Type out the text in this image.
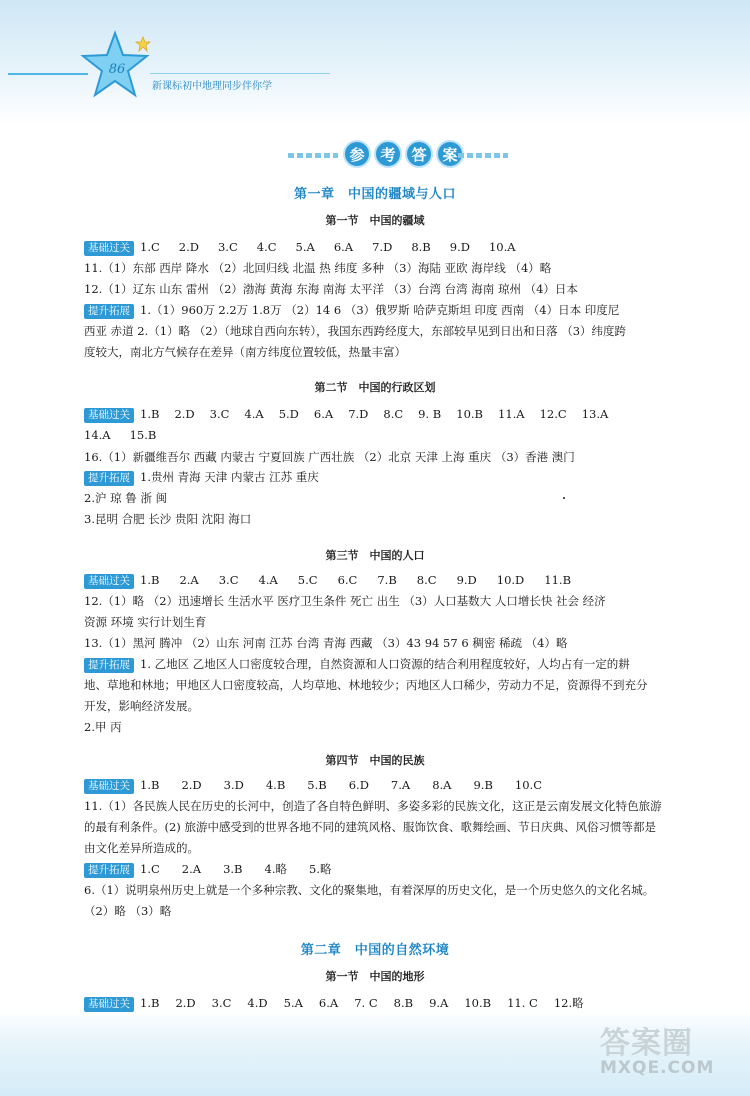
86
新课标初中地理同步伴你学
参	考	答	案
第一章　中国的疆域与人口
第一节　中国的疆域
基础过关 1.C 2.D 3.C 4.C 5.A 6.A 7.D 8.B 9.D 10.A
11.（1）东部 西岸 降水 （2）北回归线 北温 热 纬度 多种 （3）海陆 亚欧 海岸线 （4）略
12.（1）辽东 山东 雷州 （2）渤海 黄海 东海 南海 太平洋 （3）台湾 台湾 海南 琼州 （4）日本
提升拓展 1.（1）960万 2.2万 1.8万 （2）14 6 （3）俄罗斯 哈萨克斯坦 印度 西南 （4）日本 印度尼
西亚 赤道 2.（1）略 （2）（地球自西向东转），我国东西跨经度大，东部较早见到日出和日落 （3）纬度跨
度较大，南北方气候存在差异（南方纬度位置较低，热量丰富）
第二节　中国的行政区划
基础过关 1.B 2.D 3.C 4.A 5.D 6.A 7.D 8.C 9. B 10.B 11.A 12.C 13.A
14.A 15.B
16.（1）新疆维吾尔 西藏 内蒙古 宁夏回族 广西壮族 （2）北京 天津 上海 重庆 （3）香港 澳门
提升拓展 1.贵州 青海 天津 内蒙古 江苏 重庆
2.沪 琼 鲁 浙 闽
3.昆明 合肥 长沙 贵阳 沈阳 海口
第三节　中国的人口
基础过关 1.B 2.A 3.C 4.A 5.C 6.C 7.B 8.C 9.D 10.D 11.B
12.（1）略 （2）迅速增长 生活水平 医疗卫生条件 死亡 出生 （3）人口基数大 人口增长快 社会 经济
资源 环境 实行计划生育
13.（1）黑河 腾冲 （2）山东 河南 江苏 台湾 青海 西藏 （3）43 94 57 6 稠密 稀疏 （4）略
提升拓展 1. 乙地区 乙地区人口密度较合理，自然资源和人口资源的结合利用程度较好，人均占有一定的耕
地、草地和林地；甲地区人口密度较高，人均草地、林地较少；丙地区人口稀少，劳动力不足，资源得不到充分
开发，影响经济发展。
2.甲 丙
第四节　中国的民族
基础过关 1.B 2.D 3.D 4.B 5.B 6.D 7.A 8.A 9.B 10.C
11.（1）各民族人民在历史的长河中，创造了各自特色鲜明、多姿多彩的民族文化，这正是云南发展文化特色旅游
的最有利条件。(2) 旅游中感受到的世界各地不同的建筑风格、服饰饮食、歌舞绘画、节日庆典、风俗习惯等都是
由文化差异所造成的。
提升拓展 1.C 2.A 3.B 4.略 5.略
6.（1）说明泉州历史上就是一个多种宗教、文化的聚集地，有着深厚的历史文化，是一个历史悠久的文化名城。
（2）略 （3）略
第二章　中国的自然环境
第一节　中国的地形
基础过关 1.B 2.D 3.C 4.D 5.A 6.A 7. C 8.B 9.A 10.B 11. C 12.略
答案圈
MXQE.COM
